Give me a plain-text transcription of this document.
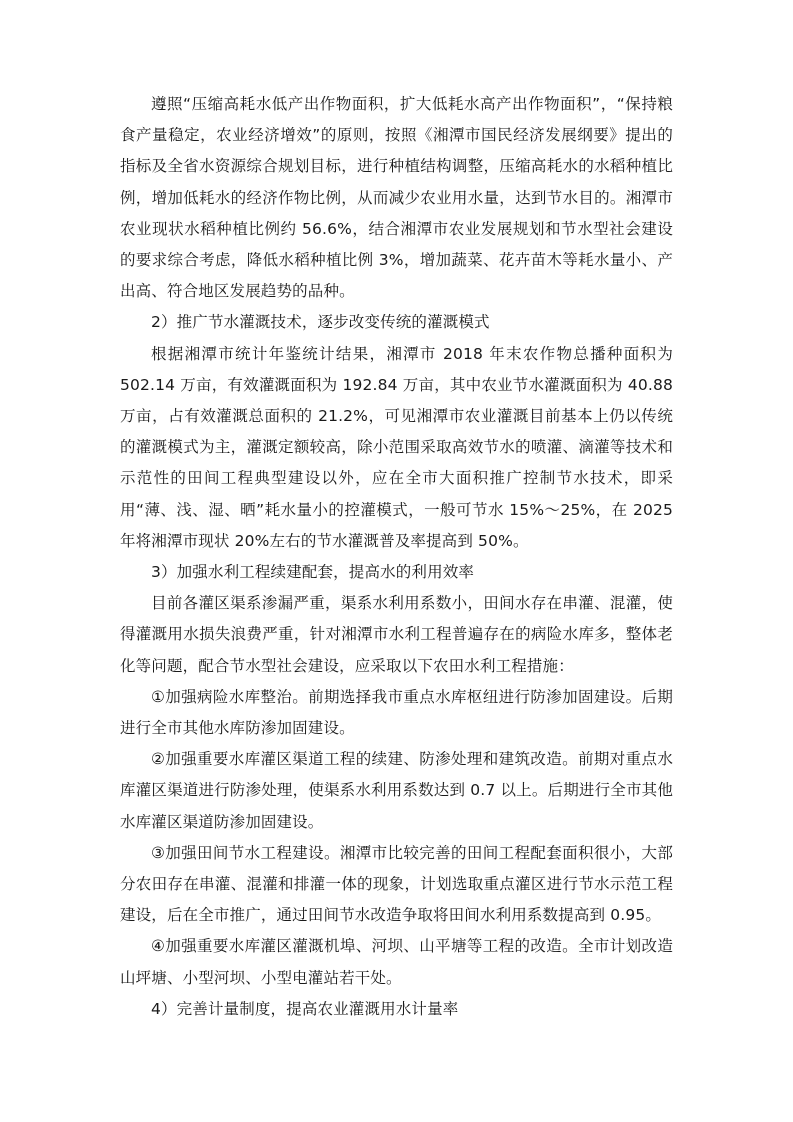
遵照“压缩高耗水低产出作物面积，扩大低耗水高产出作物面积”，“保持粮食产量稳定，农业经济增效”的原则，按照《湘潭市国民经济发展纲要》提出的指标及全省水资源综合规划目标，进行种植结构调整，压缩高耗水的水稻种植比例，增加低耗水的经济作物比例，从而减少农业用水量，达到节水目的。湘潭市农业现状水稻种植比例约 56.6%，结合湘潭市农业发展规划和节水型社会建设的要求综合考虑，降低水稻种植比例 3%，增加蔬菜、花卉苗木等耗水量小、产出高、符合地区发展趋势的品种。

2）推广节水灌溉技术，逐步改变传统的灌溉模式

根据湘潭市统计年鉴统计结果，湘潭市 2018 年末农作物总播种面积为 502.14 万亩，有效灌溉面积为 192.84 万亩，其中农业节水灌溉面积为 40.88 万亩，占有效灌溉总面积的 21.2%，可见湘潭市农业灌溉目前基本上仍以传统的灌溉模式为主，灌溉定额较高，除小范围采取高效节水的喷灌、滴灌等技术和示范性的田间工程典型建设以外，应在全市大面积推广控制节水技术，即采用“薄、浅、湿、晒”耗水量小的控灌模式，一般可节水 15%～25%，在 2025 年将湘潭市现状 20%左右的节水灌溉普及率提高到 50%。

3）加强水利工程续建配套，提高水的利用效率

目前各灌区渠系渗漏严重，渠系水利用系数小，田间水存在串灌、混灌，使得灌溉用水损失浪费严重，针对湘潭市水利工程普遍存在的病险水库多，整体老化等问题，配合节水型社会建设，应采取以下农田水利工程措施：

①加强病险水库整治。前期选择我市重点水库枢纽进行防渗加固建设。后期进行全市其他水库防渗加固建设。

②加强重要水库灌区渠道工程的续建、防渗处理和建筑改造。前期对重点水库灌区渠道进行防渗处理，使渠系水利用系数达到 0.7 以上。后期进行全市其他水库灌区渠道防渗加固建设。

③加强田间节水工程建设。湘潭市比较完善的田间工程配套面积很小，大部分农田存在串灌、混灌和排灌一体的现象，计划选取重点灌区进行节水示范工程建设，后在全市推广，通过田间节水改造争取将田间水利用系数提高到 0.95。

④加强重要水库灌区灌溉机埠、河坝、山平塘等工程的改造。全市计划改造山坪塘、小型河坝、小型电灌站若干处。

4）完善计量制度，提高农业灌溉用水计量率
